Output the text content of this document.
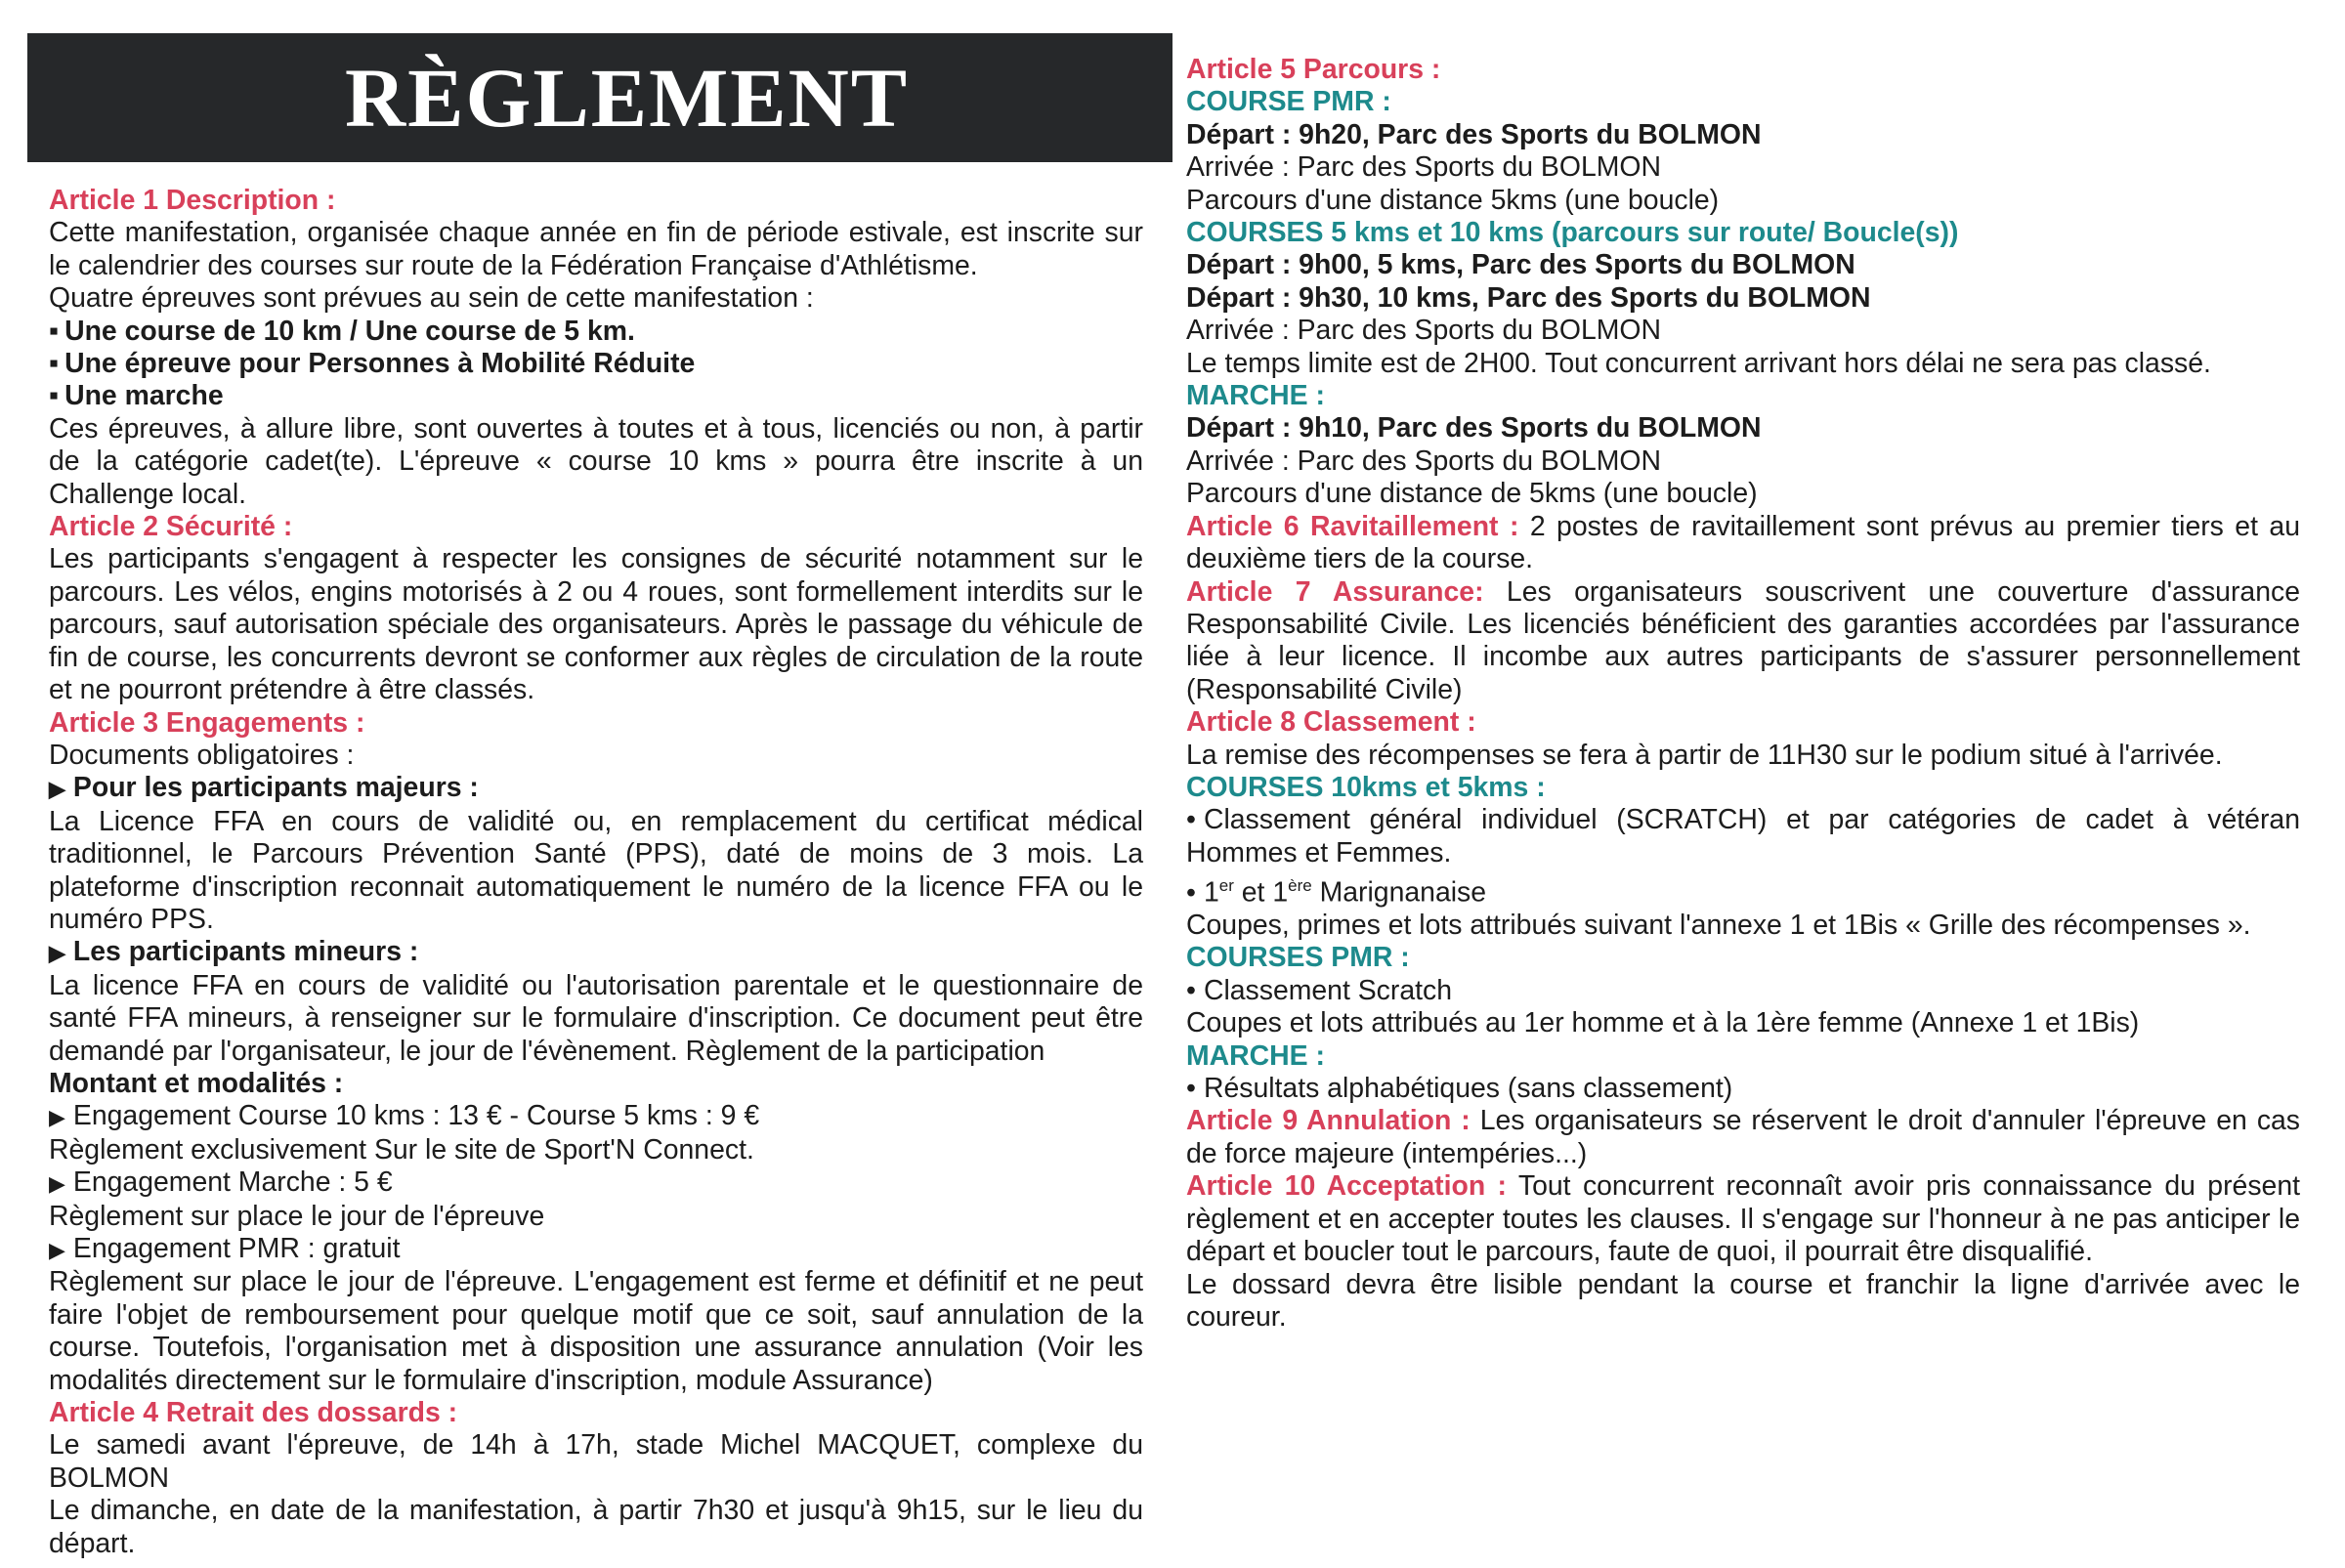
RÈGLEMENT

Article 1 Description :

Cette manifestation, organisée chaque année en fin de période estivale, est inscrite sur le calendrier des courses sur route de la Fédération Française d'Athlétisme.

Quatre épreuves sont prévues au sein de cette manifestation :

▪ Une course de 10 km / Une course de 5 km.

▪ Une épreuve pour Personnes à Mobilité Réduite

▪ Une marche

Ces épreuves, à allure libre, sont ouvertes à toutes et à tous, licenciés ou non, à partir de la catégorie cadet(te). L'épreuve « course 10 kms » pourra être inscrite à un Challenge local.

Article 2 Sécurité :

Les participants s'engagent à respecter les consignes de sécurité notamment sur le parcours. Les vélos, engins motorisés à 2 ou 4 roues, sont formellement interdits sur le parcours, sauf autorisation spéciale des organisateurs. Après le passage du véhicule de fin de course, les concurrents devront se conformer aux règles de circulation de la route et ne pourront prétendre à être classés.

Article 3 Engagements :

Documents obligatoires :

▶ Pour les participants majeurs :

La Licence FFA en cours de validité ou, en remplacement du certificat médical traditionnel, le Parcours Prévention Santé (PPS), daté de moins de 3 mois. La plateforme d'inscription reconnait automatiquement le numéro de la licence FFA ou le numéro PPS.

▶ Les participants mineurs :

La licence FFA en cours de validité ou l'autorisation parentale et le questionnaire de santé FFA mineurs, à renseigner sur le formulaire d'inscription. Ce document peut être demandé par l'organisateur, le jour de l'évènement. Règlement de la participation

Montant et modalités :

▶ Engagement Course 10 kms : 13 € - Course 5 kms : 9 €

Règlement exclusivement Sur le site de Sport'N Connect.

▶ Engagement Marche : 5 €

Règlement sur place le jour de l'épreuve

▶ Engagement PMR : gratuit

Règlement sur place le jour de l'épreuve. L'engagement est ferme et définitif et ne peut faire l'objet de remboursement pour quelque motif que ce soit, sauf annulation de la course. Toutefois, l'organisation met à disposition une assurance annulation (Voir les modalités directement sur le formulaire d'inscription, module Assurance)

Article 4 Retrait des dossards :

Le samedi avant l'épreuve, de 14h à 17h, stade Michel MACQUET, complexe du BOLMON

Le dimanche, en date de la manifestation, à partir 7h30 et jusqu'à 9h15, sur le lieu du départ.

Article 5 Parcours :

COURSE PMR :

Départ : 9h20, Parc des Sports du BOLMON

Arrivée : Parc des Sports du BOLMON

Parcours d'une distance 5kms (une boucle)

COURSES 5 kms et 10 kms (parcours sur route/ Boucle(s))

Départ : 9h00, 5 kms, Parc des Sports du BOLMON

Départ : 9h30, 10 kms, Parc des Sports du BOLMON

Arrivée : Parc des Sports du BOLMON

Le temps limite est de 2H00. Tout concurrent arrivant hors délai ne sera pas classé.

MARCHE :

Départ : 9h10, Parc des Sports du BOLMON

Arrivée : Parc des Sports du BOLMON

Parcours d'une distance de 5kms (une boucle)

Article 6 Ravitaillement : 2 postes de ravitaillement sont prévus au premier tiers et au deuxième tiers de la course.

Article 7 Assurance: Les organisateurs souscrivent une couverture d'assurance Responsabilité Civile. Les licenciés bénéficient des garanties accordées par l'assurance liée à leur licence. Il incombe aux autres participants de s'assurer personnellement (Responsabilité Civile)

Article 8 Classement :

La remise des récompenses se fera à partir de 11H30 sur le podium situé à l'arrivée.

COURSES 10kms et 5kms :

• Classement général individuel (SCRATCH) et par catégories de cadet à vétéran Hommes et Femmes.

• 1er et 1ère Marignanaise

Coupes, primes et lots attribués suivant l'annexe 1 et 1Bis « Grille des récompenses ».

COURSES PMR :

• Classement Scratch

Coupes et lots attribués au 1er homme et à la 1ère femme (Annexe 1 et 1Bis)

MARCHE :

• Résultats alphabétiques (sans classement)

Article 9 Annulation : Les organisateurs se réservent le droit d'annuler l'épreuve en cas de force majeure (intempéries...)

Article 10 Acceptation : Tout concurrent reconnaît avoir pris connaissance du présent règlement et en accepter toutes les clauses. Il s'engage sur l'honneur à ne pas anticiper le départ et boucler tout le parcours, faute de quoi, il pourrait être disqualifié.

Le dossard devra être lisible pendant la course et franchir la ligne d'arrivée avec le coureur.
